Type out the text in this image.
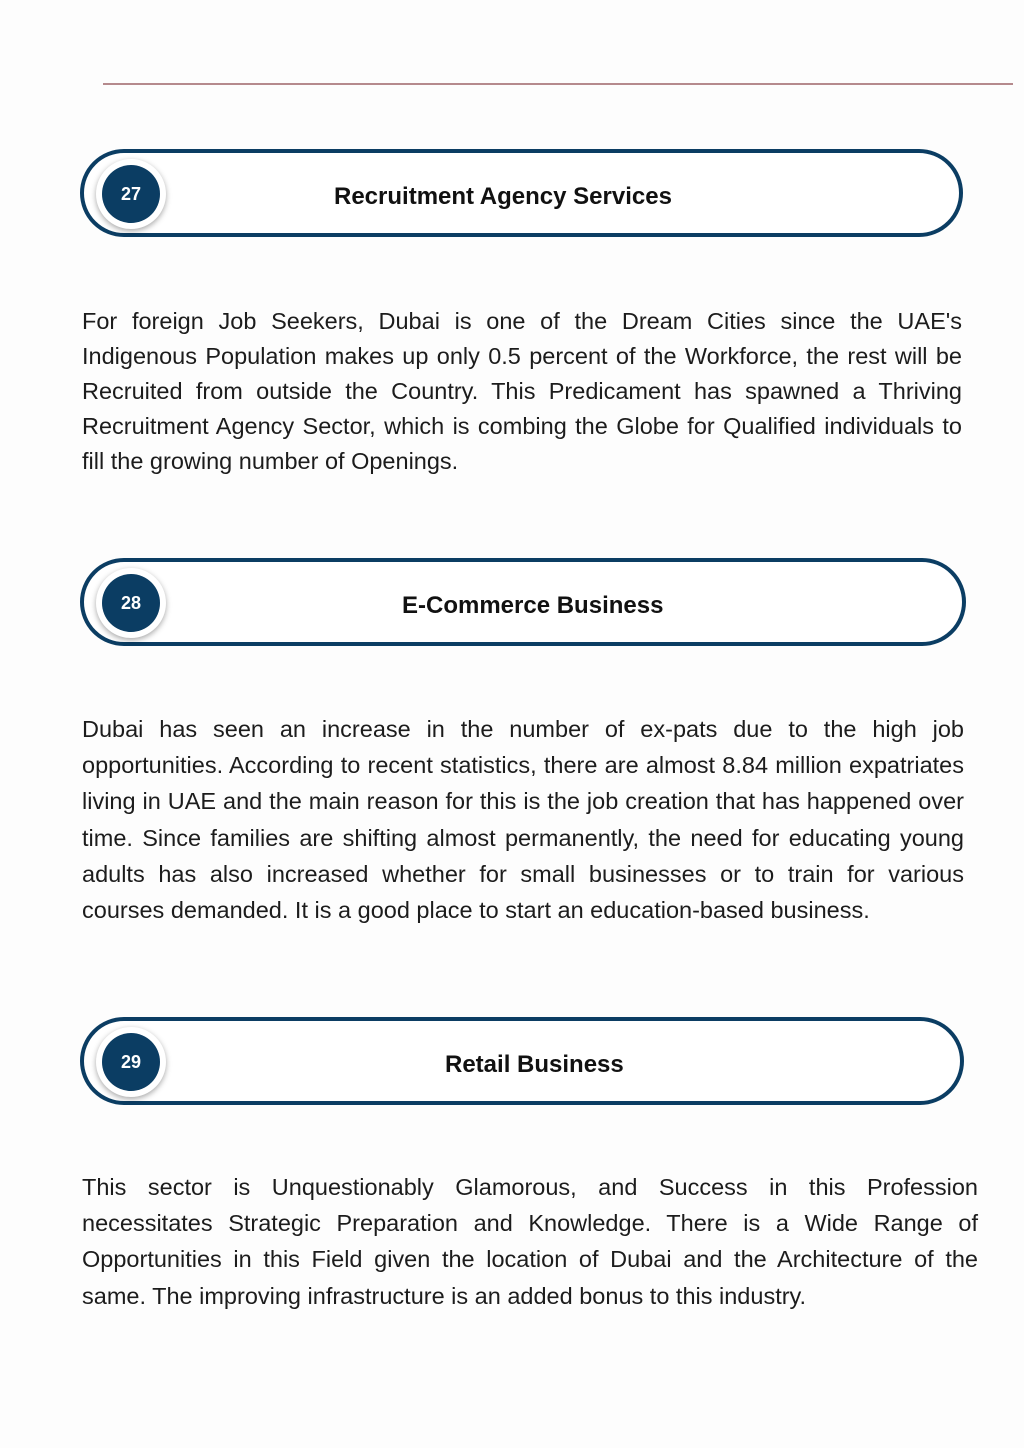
27	Recruitment Agency Services
For foreign Job Seekers, Dubai is one of the Dream Cities since the UAE's Indigenous Population makes up only 0.5 percent of the Workforce, the rest will be Recruited from outside the Country. This Predicament has spawned a Thriving Recruitment Agency Sector, which is combing the Globe for Qualified individuals to fill the growing number of Openings.
28	E-Commerce Business
Dubai has seen an increase in the number of ex-pats due to the high job opportunities. According to recent statistics, there are almost 8.84 million expatriates living in UAE and the main reason for this is the job creation that has happened over time. Since families are shifting almost permanently, the need for educating young adults has also increased whether for small businesses or to train for various courses demanded. It is a good place to start an education-based business.
29	Retail Business
This sector is Unquestionably Glamorous, and Success in this Profession necessitates Strategic Preparation and Knowledge. There is a Wide Range of Opportunities in this Field given the location of Dubai and the Architecture of the same. The improving infrastructure is an added bonus to this industry.
